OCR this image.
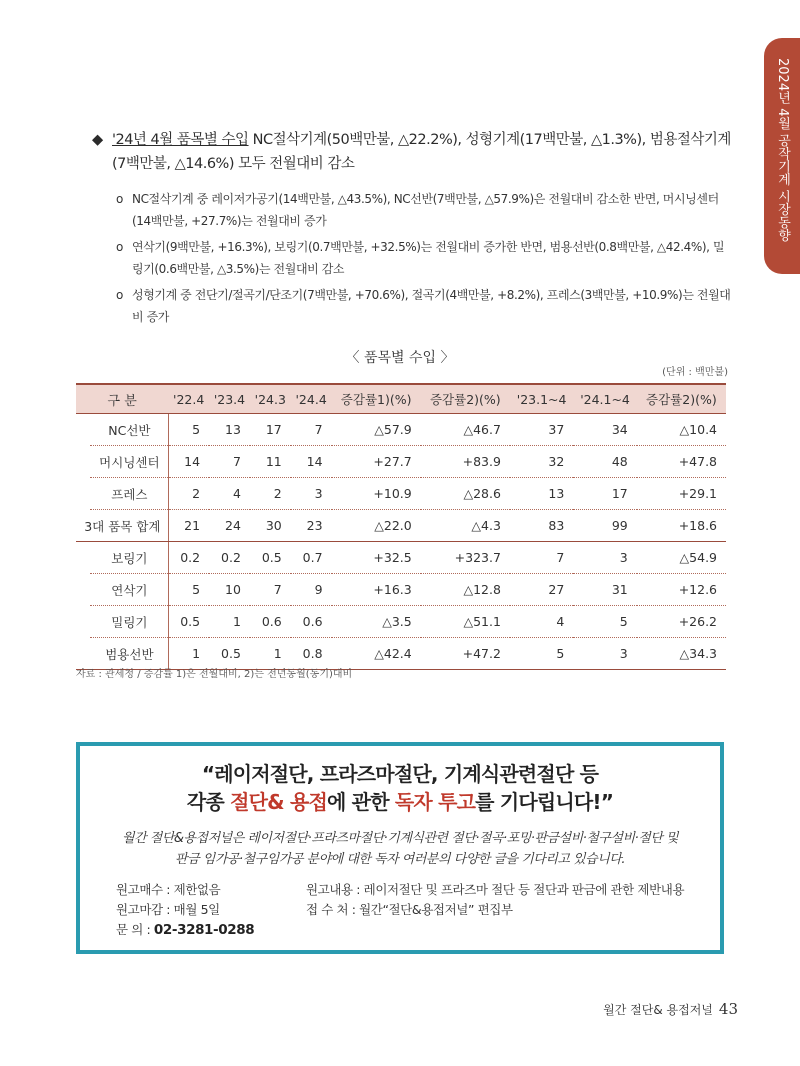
2024년 4월 공작기계 시장동향
◆ '24년 4월 품목별 수입 NC절삭기계(50백만불, △22.2%), 성형기계(17백만불, △1.3%), 범용절삭기계(7백만불, △14.6%) 모두 전월대비 감소
o NC절삭기계 중 레이저가공기(14백만불, △43.5%), NC선반(7백만불, △57.9%)은 전월대비 감소한 반면, 머시닝센터(14백만불, +27.7%)는 전월대비 증가
o 연삭기(9백만불, +16.3%), 보링기(0.7백만불, +32.5%)는 전월대비 증가한 반면, 범용선반(0.8백만불, △42.4%), 밀링기(0.6백만불, △3.5%)는 전월대비 감소
o 성형기계 중 전단기/절곡기/단조기(7백만불, +70.6%), 절곡기(4백만불, +8.2%), 프레스(3백만불, +10.9%)는 전월대비 증가
〈 품목별 수입 〉
(단위 : 백만불)
구 분		'22.4	'23.4	'24.3	'24.4	증감률1)(%)	증감률2)(%)	'23.1~4	'24.1~4	증감률2)(%)
	NC선반	5	13	17	7	△57.9	△46.7	37	34	△10.4
	머시닝센터	14	7	11	14	+27.7	+83.9	32	48	+47.8
	프레스	2	4	2	3	+10.9	△28.6	13	17	+29.1
3대 품목 합계		21	24	30	23	△22.0	△4.3	83	99	+18.6
	보링기	0.2	0.2	0.5	0.7	+32.5	+323.7	7	3	△54.9
	연삭기	5	10	7	9	+16.3	△12.8	27	31	+12.6
	밀링기	0.5	1	0.6	0.6	△3.5	△51.1	4	5	+26.2
	범용선반	1	0.5	1	0.8	△42.4	+47.2	5	3	△34.3
자료 : 관세청 / 증감률 1)은 전월대비, 2)는 전년동월(동기)대비
“레이저절단, 프라즈마절단, 기계식관련절단 등
각종 절단& 용접에 관한 독자 투고를 기다립니다!”
월간 절단&용접저널은 레이저절단·프라즈마절단·기계식관련 절단·절곡·포밍·판금설비·철구설비·절단 및
판금 임가공·철구임가공 분야에 대한 독자 여러분의 다양한 글을 기다리고 있습니다.
원고매수 : 제한없음
원고마감 : 매월 5일
문 의 : 02-3281-0288
원고내용 : 레이저절단 및 프라즈마 절단 등 절단과 판금에 관한 제반내용
접 수 처 : 월간“절단&용접저널” 편집부
월간 절단& 용접저널 43
